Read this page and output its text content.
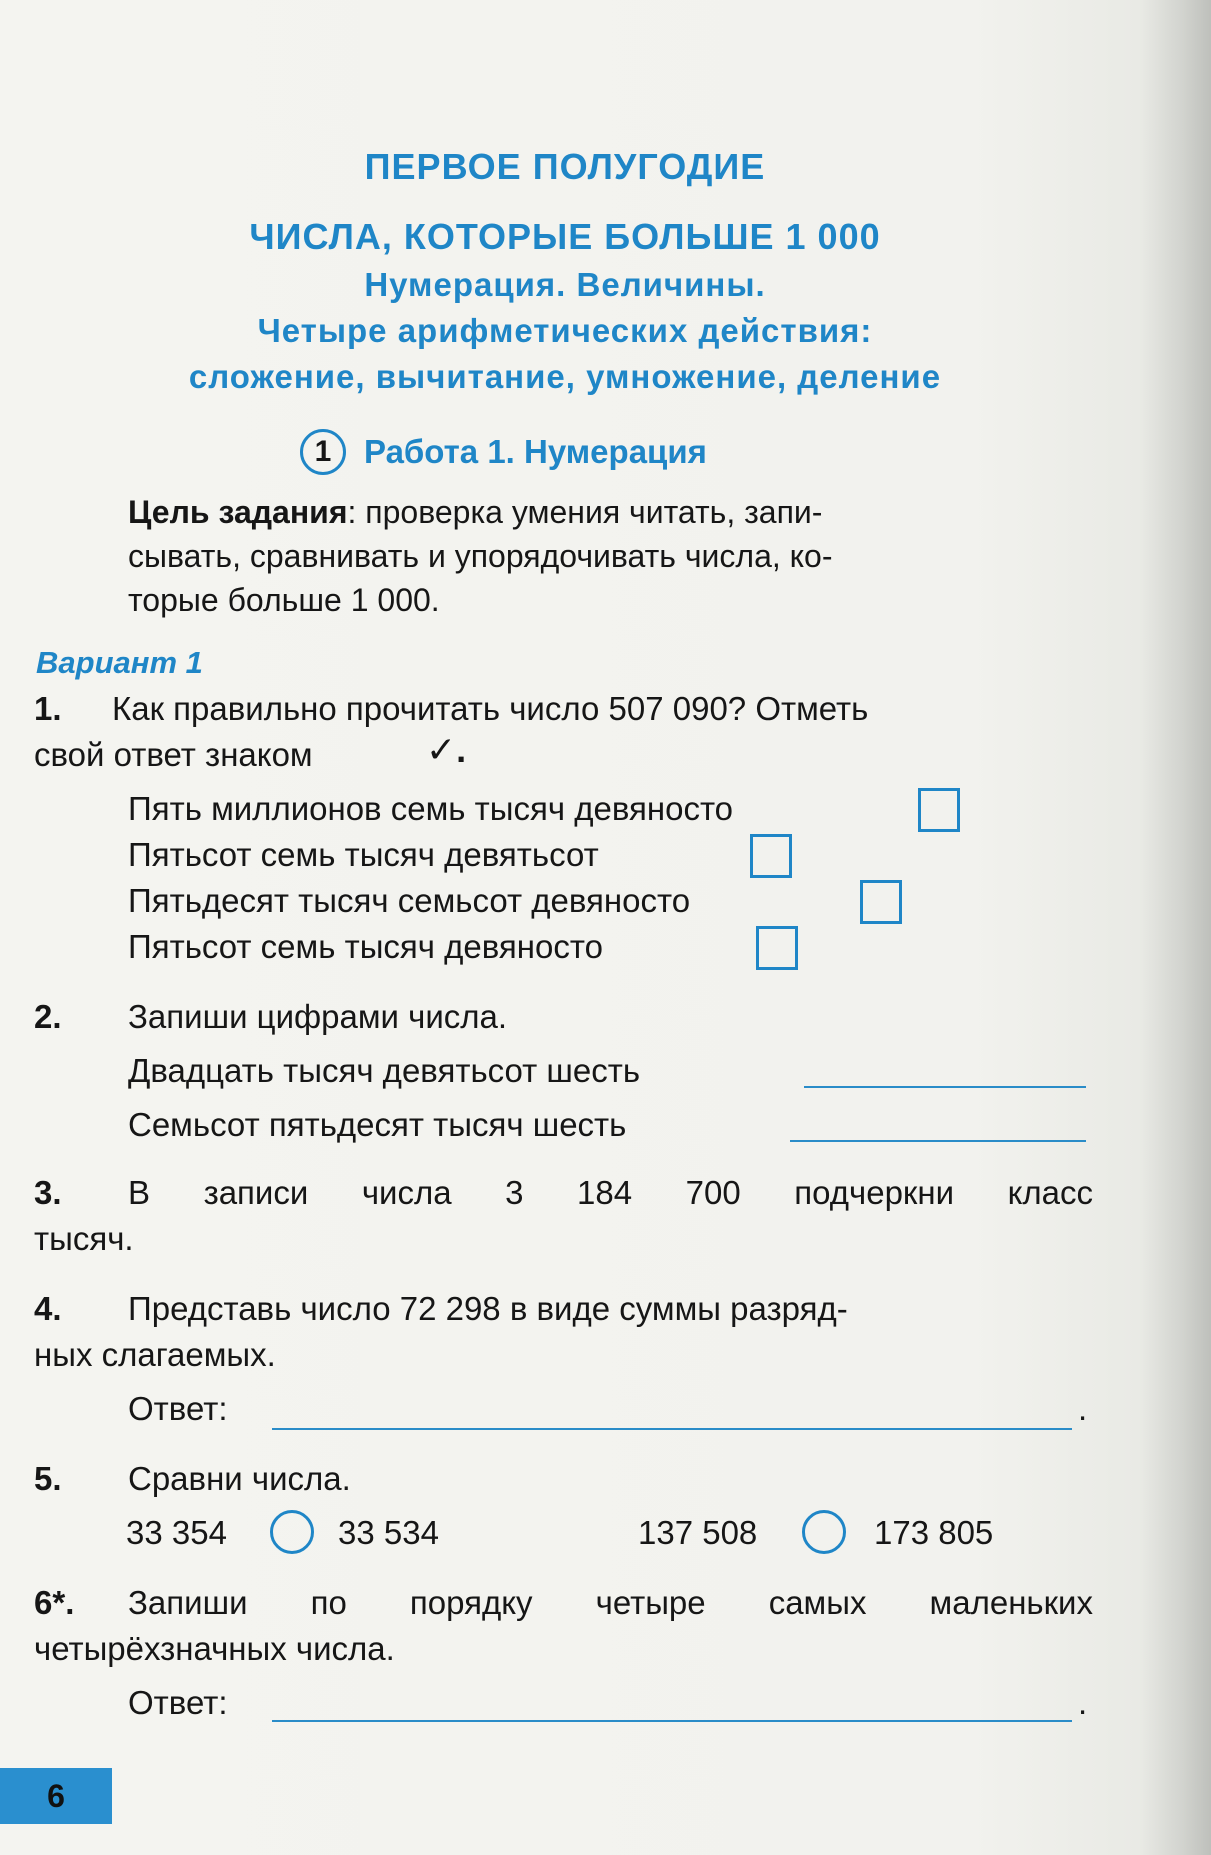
ПЕРВОЕ ПОЛУГОДИЕ
ЧИСЛА, КОТОРЫЕ БОЛЬШЕ 1 000
Нумерация. Величины.
Четыре арифметических действия:
сложение, вычитание, умножение, деление
1 Работа 1. Нумерация
Цель задания: проверка умения читать, запи-
сывать, сравнивать и упорядочивать числа, ко-
торые больше 1 000.
Вариант 1
1. Как правильно прочитать число 507 090? Отметь
свой ответ знаком	✓.
Пять миллионов семь тысяч девяносто
Пятьсот семь тысяч девятьсот
Пятьдесят тысяч семьсот девяносто
Пятьсот семь тысяч девяносто
2. Запиши цифрами числа.
Двадцать тысяч девятьсот шесть
Семьсот пятьдесят тысяч шесть
3. В записи числа 3 184 700 подчеркни класс
тысяч.
4. Представь число 72 298 в виде суммы разряд-
ных слагаемых.
Ответ:	.
5. Сравни числа.
33 354	33 534	137 508	173 805
6*. Запиши по порядку четыре самых маленьких
четырёхзначных числа.
Ответ:	.
6
